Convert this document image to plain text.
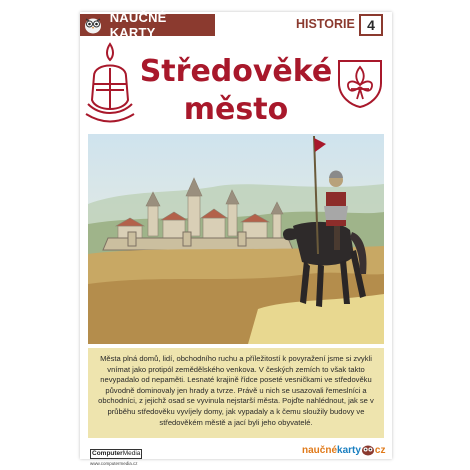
NAUČNÉ KARTY
HISTORIE 4
Středověké
město

Města plná domů, lidí, obchodního ruchu a příležitostí k povyražení jsme si zvykli vnímat jako protipól zemědělského venkova. V českých zemích to však takto nevypadalo od nepaměti. Lesnaté krajině řídce poseté vesničkami ve středověku původně dominovaly jen hrady a tvrze. Právě u nich se usazovali řemeslníci a obchodníci, z jejichž osad se vyvinula nejstarší města. Pojďte nahlédnout, jak se v průběhu středověku vyvíjely domy, jak vypadaly a k čemu sloužily budovy ve středověkém městě a jací byli jeho obyvatelé.

ComputerMedia
www.computermedia.cz
naučné karty cz
